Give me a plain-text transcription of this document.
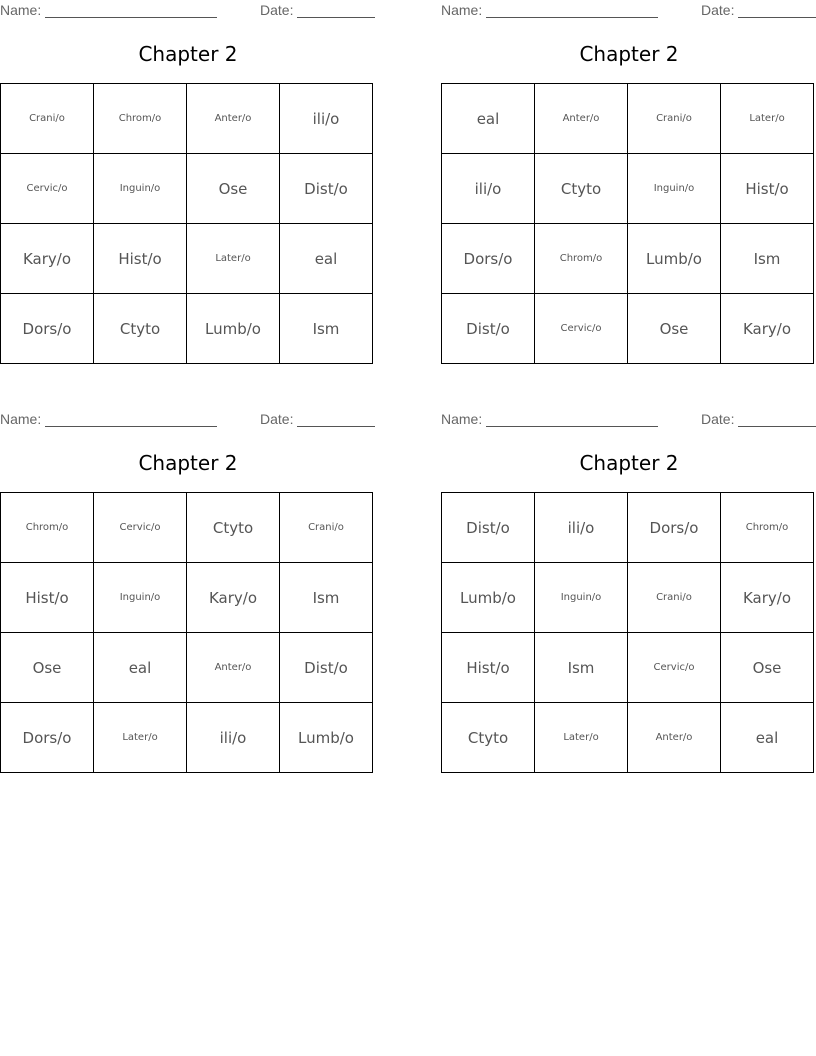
Name:	Date:
Chapter 2
Crani/o	Chrom/o	Anter/o	ili/o
Cervic/o	Inguin/o	Ose	Dist/o
Kary/o	Hist/o	Later/o	eal
Dors/o	Ctyto	Lumb/o	Ism
Name:	Date:
Chapter 2
eal	Anter/o	Crani/o	Later/o
ili/o	Ctyto	Inguin/o	Hist/o
Dors/o	Chrom/o	Lumb/o	Ism
Dist/o	Cervic/o	Ose	Kary/o
Name:	Date:
Chapter 2
Chrom/o	Cervic/o	Ctyto	Crani/o
Hist/o	Inguin/o	Kary/o	Ism
Ose	eal	Anter/o	Dist/o
Dors/o	Later/o	ili/o	Lumb/o
Name:	Date:
Chapter 2
Dist/o	ili/o	Dors/o	Chrom/o
Lumb/o	Inguin/o	Crani/o	Kary/o
Hist/o	Ism	Cervic/o	Ose
Ctyto	Later/o	Anter/o	eal
